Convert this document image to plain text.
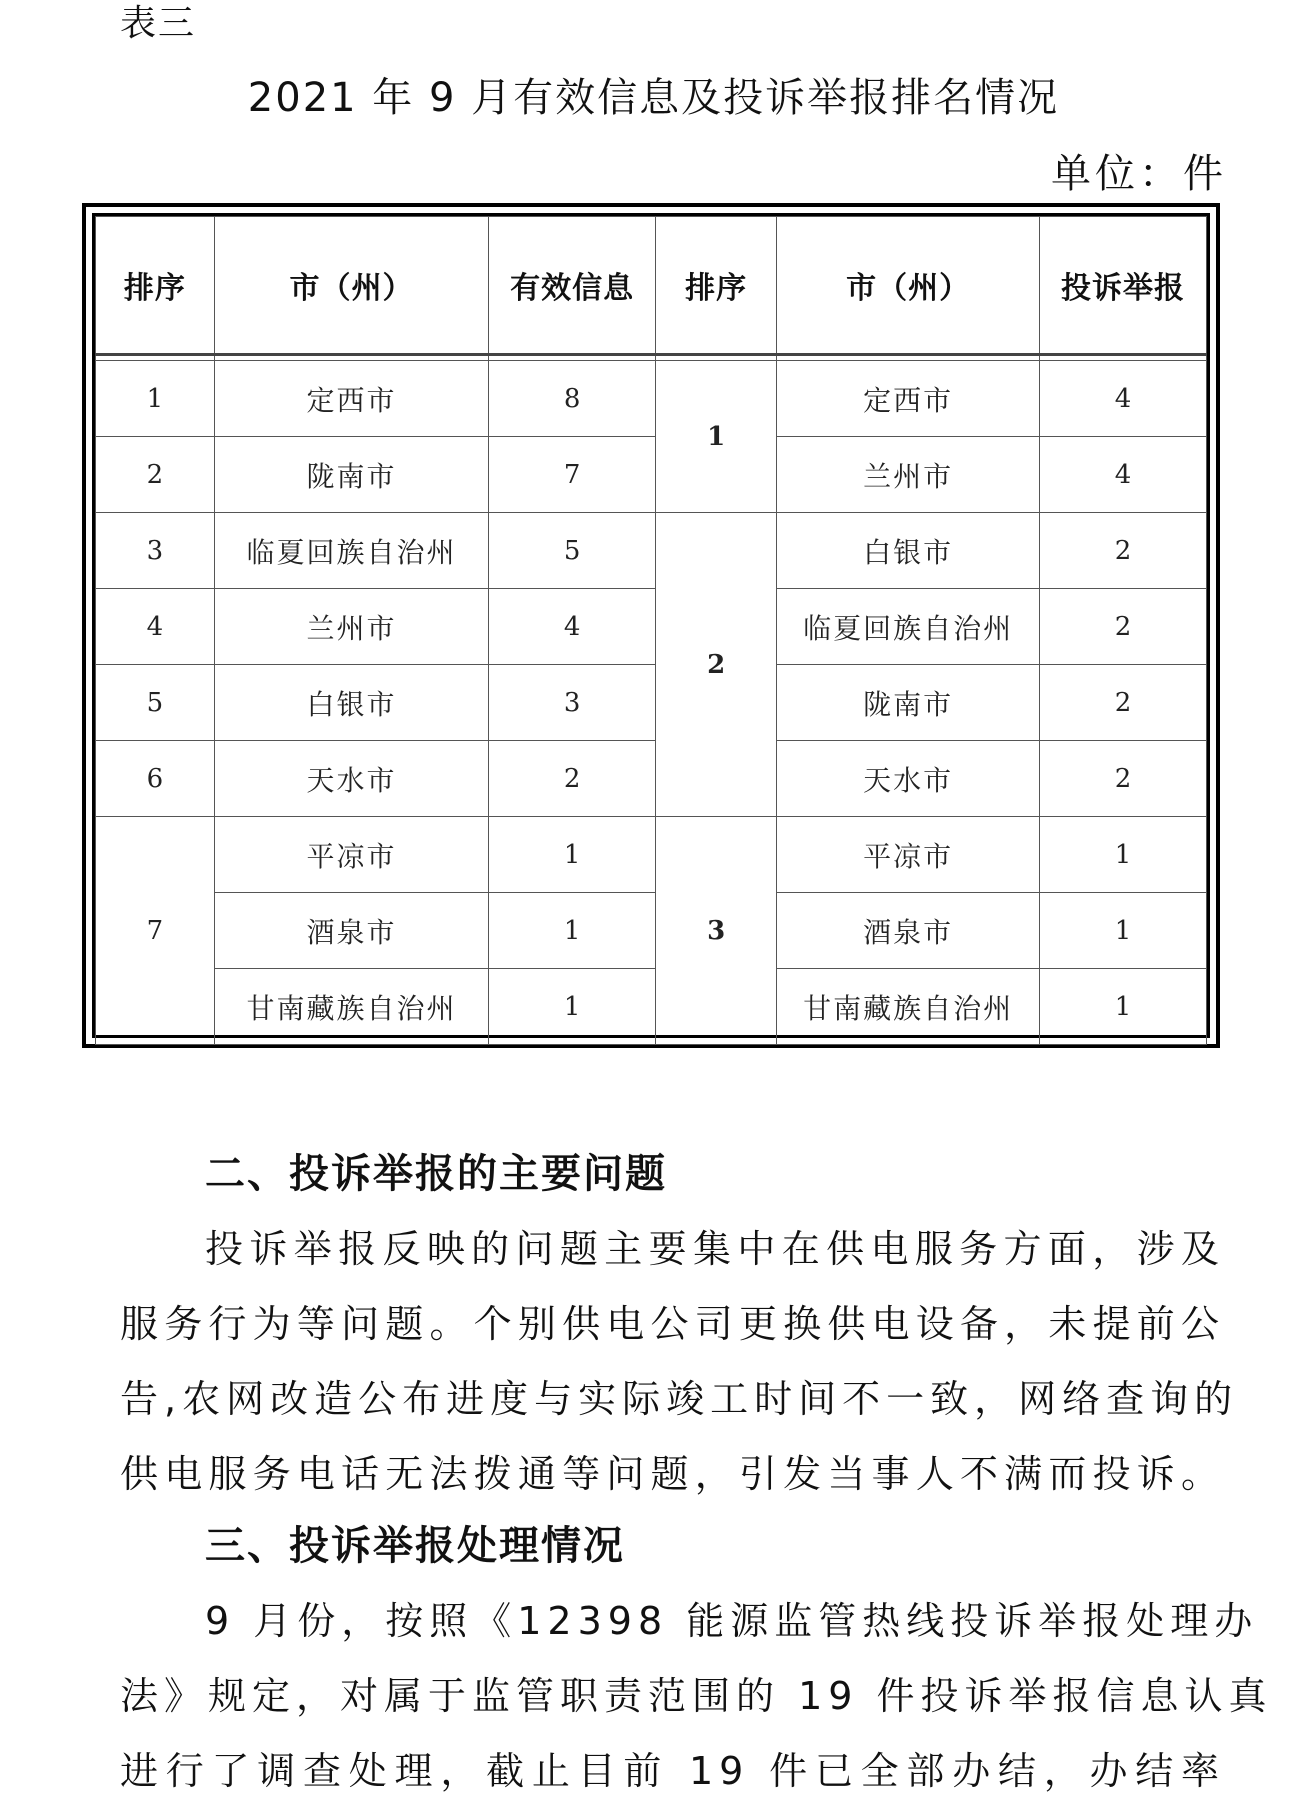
表三
2021 年 9 月有效信息及投诉举报排名情况
单位：件
排序	市（州）	有效信息	排序	市（州）	投诉举报

1	定西市	8	1	定西市	4
2	陇南市	7		兰州市	4
3	临夏回族自治州	5	2	白银市	2
4	兰州市	4		临夏回族自治州	2
5	白银市	3		陇南市	2
6	天水市	2		天水市	2
7	平凉市	1	3	平凉市	1
	酒泉市	1		酒泉市	1
	甘南藏族自治州	1		甘南藏族自治州	1
二、投诉举报的主要问题
投诉举报反映的问题主要集中在供电服务方面，涉及
服务行为等问题。个别供电公司更换供电设备，未提前公
告,农网改造公布进度与实际竣工时间不一致，网络查询的
供电服务电话无法拨通等问题，引发当事人不满而投诉。
三、投诉举报处理情况
9 月份，按照《12398 能源监管热线投诉举报处理办
法》规定，对属于监管职责范围的 19 件投诉举报信息认真
进行了调查处理，截止目前 19 件已全部办结，办结率
